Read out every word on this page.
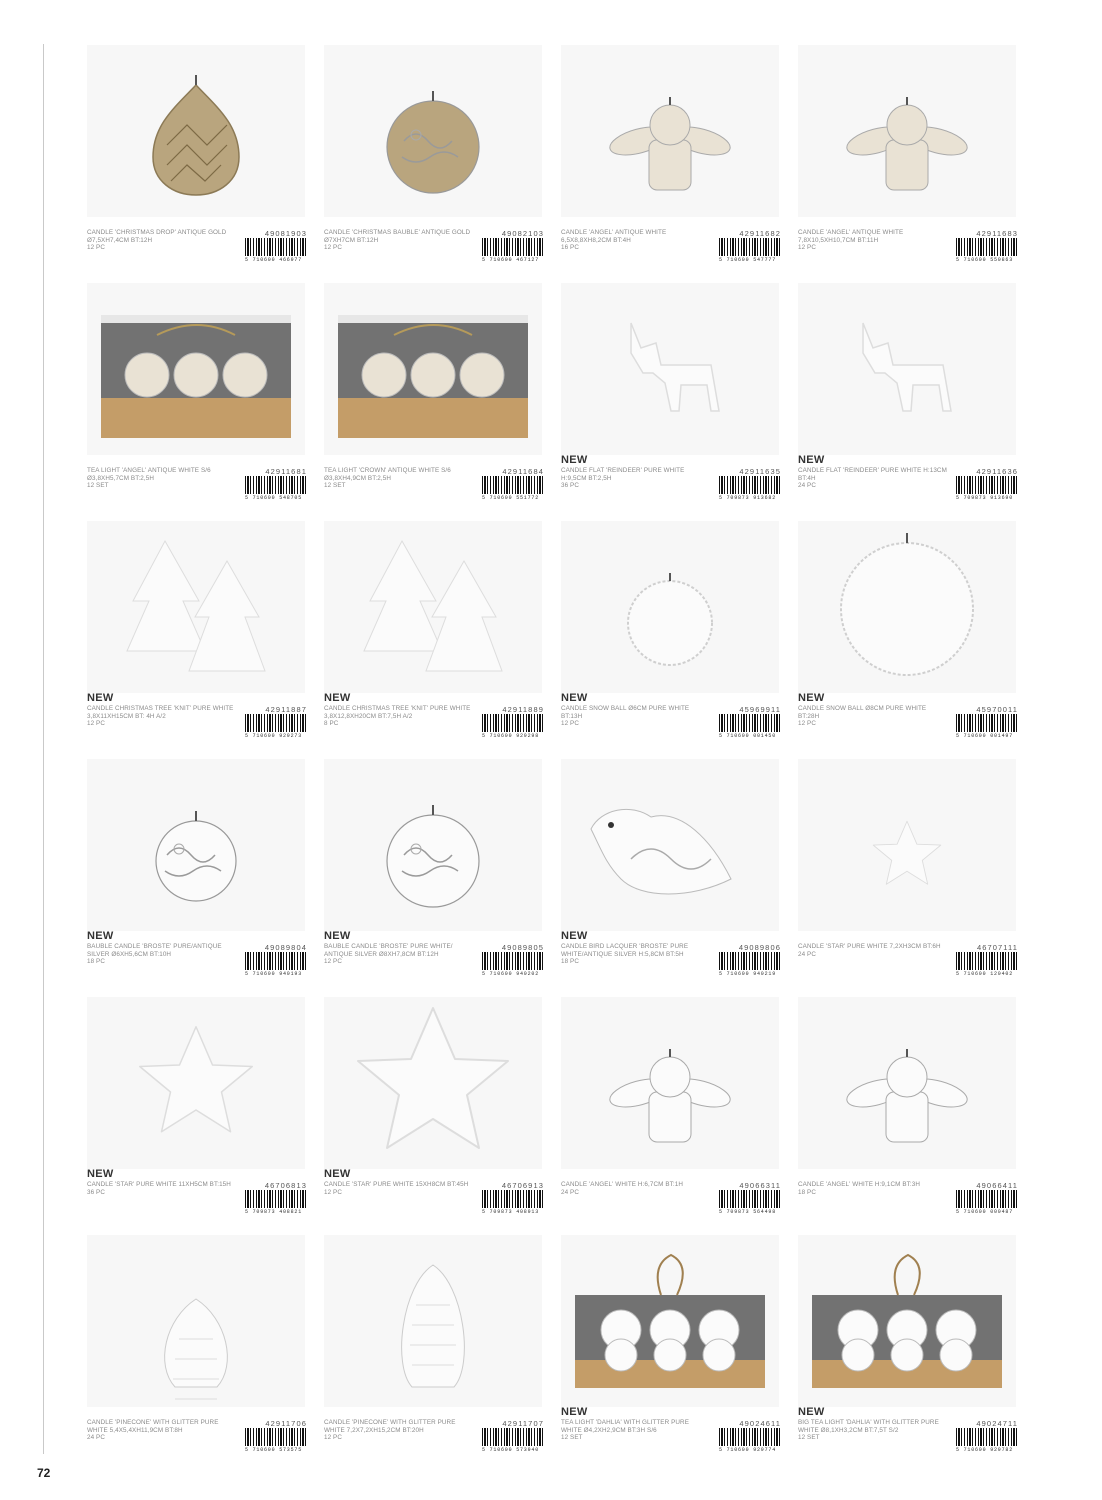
CANDLE 'CHRISTMAS DROP' ANTIQUE GOLD Ø7,5XH7,4CM BT:12H
12 PC
49081903
5 710600 466977
CANDLE 'CHRISTMAS BAUBLE' ANTIQUE GOLD Ø7XH7CM BT:12H
12 PC
49082103
5 710600 467127
CANDLE 'ANGEL' ANTIQUE WHITE 6,5X8,8XH8,2CM BT:4H
16 PC
42911682
5 710600 547777
CANDLE 'ANGEL' ANTIQUE WHITE 7,8X10,5XH10,7CM BT:11H
12 PC
42911683
5 710600 550863
TEA LIGHT 'ANGEL' ANTIQUE WHITE S/6 Ø3,8XH5,7CM BT:2,5H
12 SET
42911681
5 710600 548705
TEA LIGHT 'CROWN' ANTIQUE WHITE S/6 Ø3,8XH4,9CM BT:2,5H
12 SET
42911684
5 710600 551772
NEW
CANDLE FLAT 'REINDEER' PURE WHITE H:9,5CM BT:2,5H
36 PC
42911635
5 709873 913682
NEW
CANDLE FLAT 'REINDEER' PURE WHITE H:13CM BT:4H
24 PC
42911636
5 709873 913690
NEW
CANDLE CHRISTMAS TREE 'KNIT' PURE WHITE 3,8X11XH15CM BT: 4H A/2
12 PC
42911887
5 710600 929273
NEW
CANDLE CHRISTMAS TREE 'KNIT' PURE WHITE 3,8X12,8XH20CM BT:7,5H A/2
8 PC
42911889
5 710600 929298
NEW
CANDLE SNOW BALL Ø6CM PURE WHITE BT:13H
12 PC
45969911
5 710600 001450
NEW
CANDLE SNOW BALL Ø8CM PURE WHITE BT:28H
12 PC
45970011
5 710600 001497
NEW
BAUBLE CANDLE 'BROSTE' PURE/ANTIQUE SILVER Ø6XH5,6CM BT:10H
18 PC
49089804
5 710600 940193
NEW
BAUBLE CANDLE 'BROSTE' PURE WHITE/ ANTIQUE SILVER Ø8XH7,8CM BT:12H
12 PC
49089805
5 710600 940202
NEW
CANDLE BIRD LACQUER 'BROSTE' PURE WHITE/ANTIQUE SILVER H:5,8CM BT:5H
18 PC
49089806
5 710600 940219
CANDLE 'STAR' PURE WHITE 7,2XH3CM BT:6H
24 PC
46707111
5 710600 120402
NEW
CANDLE 'STAR' PURE WHITE 11XH5CM BT:15H
36 PC
46706813
5 709873 408821
NEW
CANDLE 'STAR' PURE WHITE 15XH8CM BT:45H
12 PC
46706913
5 709873 408913
CANDLE 'ANGEL' WHITE H:6,7CM BT:1H
24 PC
49066311
5 709873 564498
CANDLE 'ANGEL' WHITE H:9,1CM BT:3H
18 PC
49066411
5 710600 000487
CANDLE 'PINECONE' WITH GLITTER PURE WHITE 5,4X5,4XH11,9CM BT:8H
24 PC
42911706
5 710600 573575
CANDLE 'PINECONE' WITH GLITTER PURE WHITE 7,2X7,2XH15,2CM BT:20H
12 PC
42911707
5 710600 573940
NEW
TEA LIGHT 'DAHLIA' WITH GLITTER PURE WHITE Ø4,2XH2,9CM BT:3H S/6
12 SET
49024611
5 710600 929774
NEW
BIG TEA LIGHT 'DAHLIA' WITH GLITTER PURE WHITE Ø8,1XH3,2CM BT:7,5T S/2
12 SET
49024711
5 710600 929782
72
